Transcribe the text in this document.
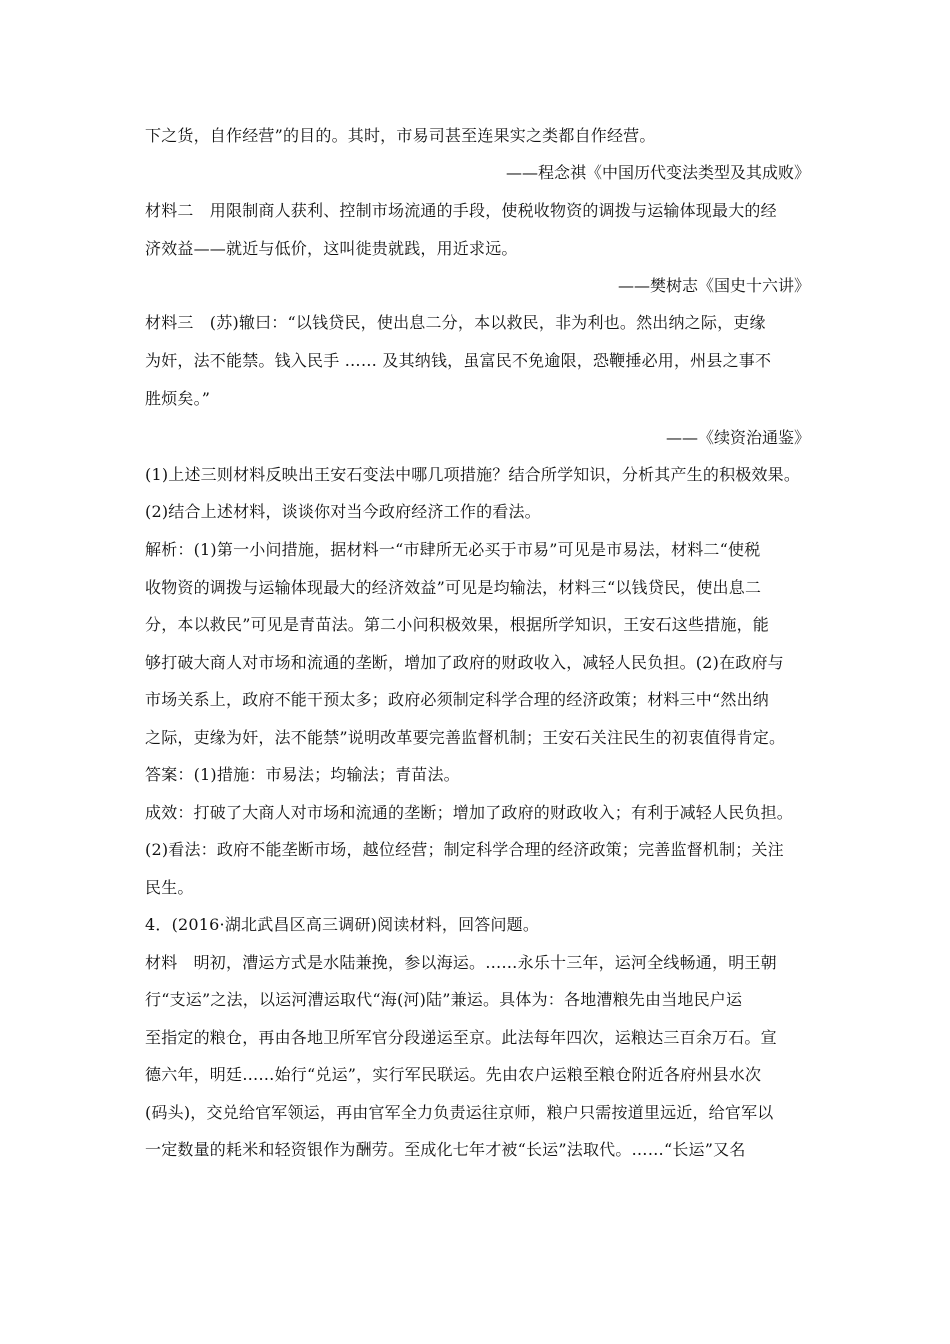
下之货，自作经营”的目的。其时，市易司甚至连果实之类都自作经营。
——程念祺《中国历代变法类型及其成败》
材料二　用限制商人获利、控制市场流通的手段，使税收物资的调拨与运输体现最大的经
济效益——就近与低价，这叫徙贵就践，用近求远。
——樊树志《国史十六讲》
材料三　(苏)辙曰：“以钱贷民，使出息二分，本以救民，非为利也。然出纳之际，吏缘
为奸，法不能禁。钱入民手 …… 及其纳钱，虽富民不免逾限，恐鞭捶必用，州县之事不
胜烦矣。”
——《续资治通鉴》
(1)上述三则材料反映出王安石变法中哪几项措施？结合所学知识，分析其产生的积极效果。
(2)结合上述材料，谈谈你对当今政府经济工作的看法。
解析：(1)第一小问措施，据材料一“市肆所无必买于市易”可见是市易法，材料二“使税
收物资的调拨与运输体现最大的经济效益”可见是均输法，材料三“以钱贷民，使出息二
分，本以救民”可见是青苗法。第二小问积极效果，根据所学知识，王安石这些措施，能
够打破大商人对市场和流通的垄断，增加了政府的财政收入，减轻人民负担。(2)在政府与
市场关系上，政府不能干预太多；政府必须制定科学合理的经济政策；材料三中“然出纳
之际，吏缘为奸，法不能禁”说明改革要完善监督机制；王安石关注民生的初衷值得肯定。
答案：(1)措施：市易法；均输法；青苗法。
成效：打破了大商人对市场和流通的垄断；增加了政府的财政收入；有利于减轻人民负担。
(2)看法：政府不能垄断市场，越位经营；制定科学合理的经济政策；完善监督机制；关注
民生。
4．(2016·湖北武昌区高三调研)阅读材料，回答问题。
材料　明初，漕运方式是水陆兼挽，参以海运。……永乐十三年，运河全线畅通，明王朝
行“支运”之法，以运河漕运取代“海(河)陆”兼运。具体为：各地漕粮先由当地民户运
至指定的粮仓，再由各地卫所军官分段递运至京。此法每年四次，运粮达三百余万石。宣
德六年，明廷……始行“兑运”，实行军民联运。先由农户运粮至粮仓附近各府州县水次
(码头)，交兑给官军领运，再由官军全力负责运往京师，粮户只需按道里远近，给官军以
一定数量的耗米和轻资银作为酬劳。至成化七年才被“长运”法取代。……“长运”又名
